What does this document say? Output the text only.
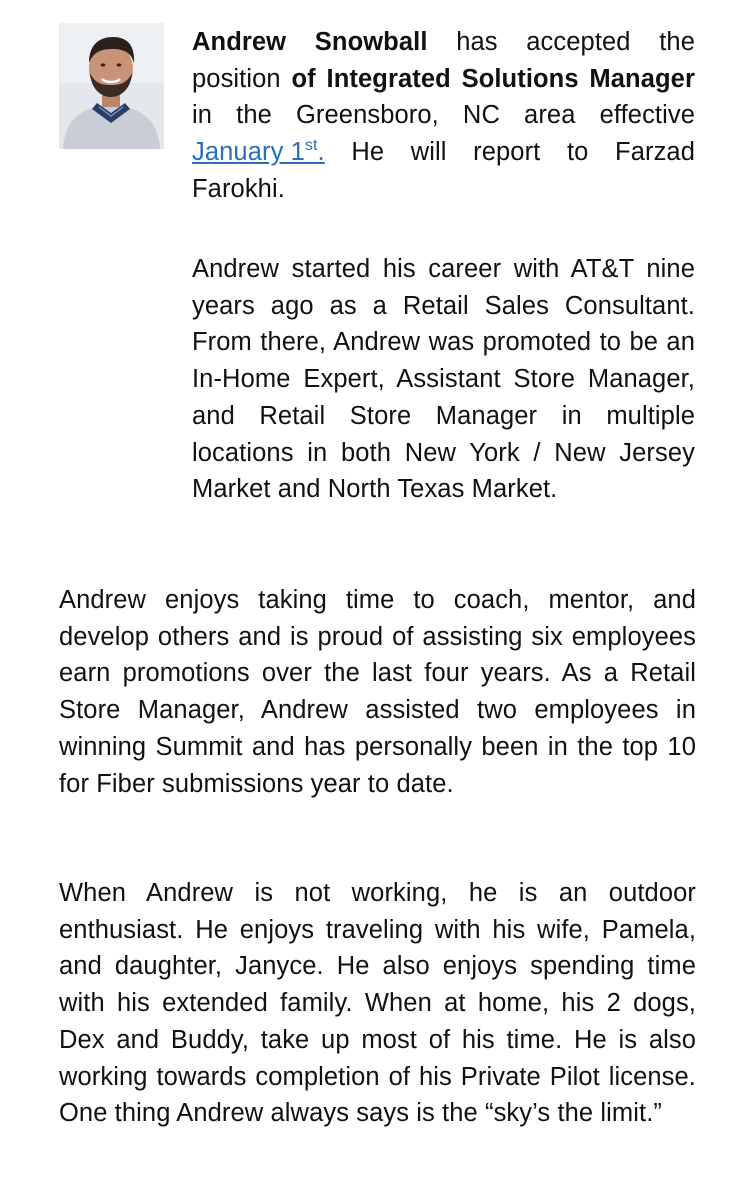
Andrew Snowball has accepted the position of Integrated Solutions Manager in the Greensboro, NC area effective January 1st. He will report to Farzad Farokhi.

Andrew started his career with AT&T nine years ago as a Retail Sales Consultant. From there, Andrew was promoted to be an In-Home Expert, Assistant Store Manager, and Retail Store Manager in multiple locations in both New York / New Jersey Market and North Texas Market.

Andrew enjoys taking time to coach, mentor, and develop others and is proud of assisting six employees earn promotions over the last four years. As a Retail Store Manager, Andrew assisted two employees in winning Summit and has personally been in the top 10 for Fiber submissions year to date.

When Andrew is not working, he is an outdoor enthusiast. He enjoys traveling with his wife, Pamela, and daughter, Janyce. He also enjoys spending time with his extended family. When at home, his 2 dogs, Dex and Buddy, take up most of his time. He is also working towards completion of his Private Pilot license. One thing Andrew always says is the “sky’s the limit.”
